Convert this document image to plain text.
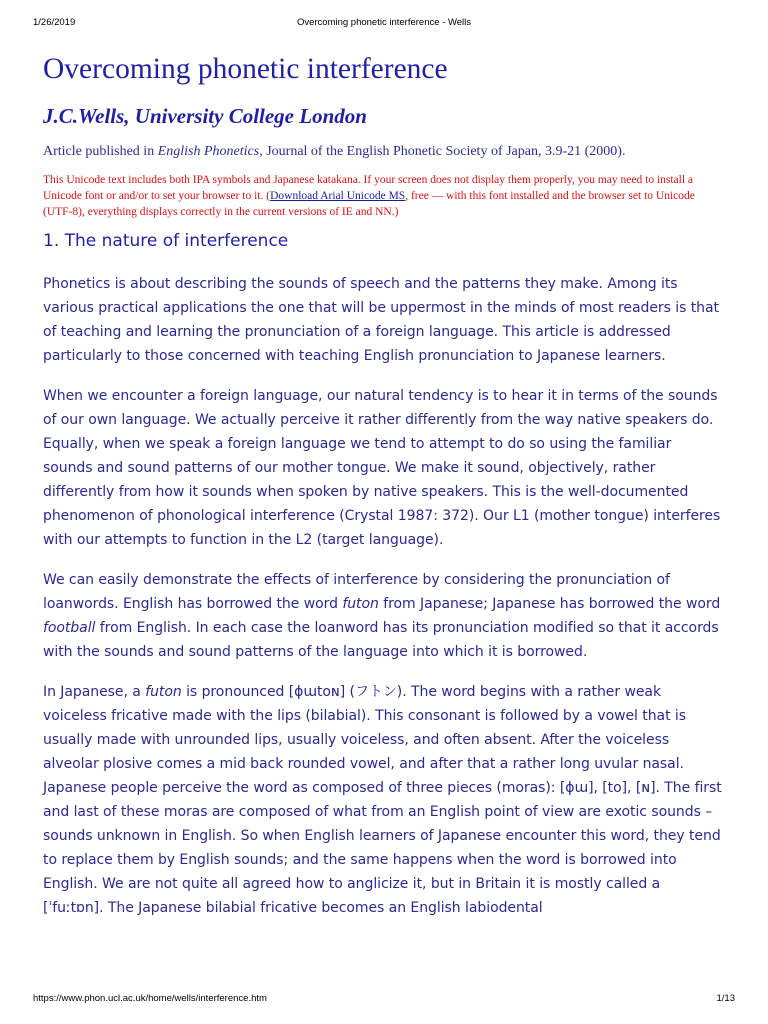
1/26/2019	Overcoming phonetic interference - Wells
Overcoming phonetic interference
J.C.Wells, University College London

Article published in English Phonetics, Journal of the English Phonetic Society of Japan, 3.9-21 (2000).

This Unicode text includes both IPA symbols and Japanese katakana. If your screen does not display them properly, you may need to install a Unicode font or and/or to set your browser to it. (Download Arial Unicode MS, free — with this font installed and the browser set to Unicode (UTF-8), everything displays correctly in the current versions of IE and NN.)

1. The nature of interference

Phonetics is about describing the sounds of speech and the patterns they make. Among its various practical applications the one that will be uppermost in the minds of most readers is that of teaching and learning the pronunciation of a foreign language. This article is addressed particularly to those concerned with teaching English pronunciation to Japanese learners.

When we encounter a foreign language, our natural tendency is to hear it in terms of the sounds of our own language. We actually perceive it rather differently from the way native speakers do. Equally, when we speak a foreign language we tend to attempt to do so using the familiar sounds and sound patterns of our mother tongue. We make it sound, objectively, rather differently from how it sounds when spoken by native speakers. This is the well-documented phenomenon of phonological interference (Crystal 1987: 372). Our L1 (mother tongue) interferes with our attempts to function in the L2 (target language).

We can easily demonstrate the effects of interference by considering the pronunciation of loanwords. English has borrowed the word futon from Japanese; Japanese has borrowed the word football from English. In each case the loanword has its pronunciation modified so that it accords with the sounds and sound patterns of the language into which it is borrowed.

In Japanese, a futon is pronounced [ɸɯtoɴ] (フトン). The word begins with a rather weak voiceless fricative made with the lips (bilabial). This consonant is followed by a vowel that is usually made with unrounded lips, usually voiceless, and often absent. After the voiceless alveolar plosive comes a mid back rounded vowel, and after that a rather long uvular nasal. Japanese people perceive the word as composed of three pieces (moras): [ɸɯ], [to], [ɴ]. The first and last of these moras are composed of what from an English point of view are exotic sounds – sounds unknown in English. So when English learners of Japanese encounter this word, they tend to replace them by English sounds; and the same happens when the word is borrowed into English. We are not quite all agreed how to anglicize it, but in Britain it is mostly called a [ˈfuːtɒn]. The Japanese bilabial fricative becomes an English labiodental

https://www.phon.ucl.ac.uk/home/wells/interference.htm	1/13
